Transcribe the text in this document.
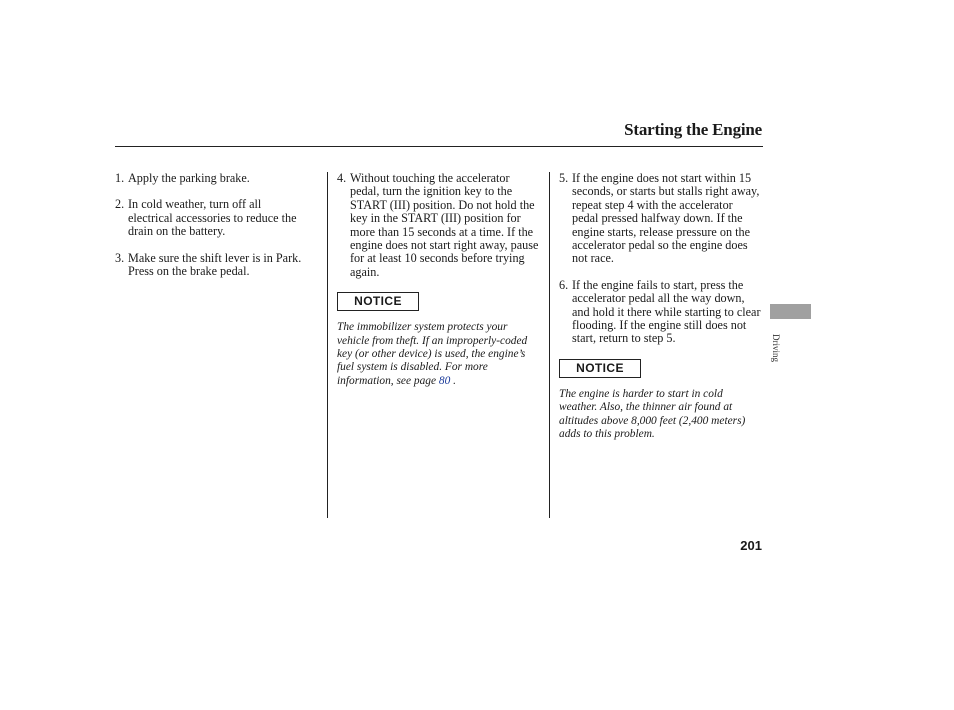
Starting the Engine
1. Apply the parking brake.
2. In cold weather, turn off all electrical accessories to reduce the drain on the battery.
3. Make sure the shift lever is in Park. Press on the brake pedal.
4. Without touching the accelerator pedal, turn the ignition key to the START (III) position. Do not hold the key in the START (III) position for more than 15 seconds at a time. If the engine does not start right away, pause for at least 10 seconds before trying again.
NOTICE
The immobilizer system protects your vehicle from theft. If an improperly-coded key (or other device) is used, the engine’s fuel system is disabled. For more information, see page 80 .
5. If the engine does not start within 15 seconds, or starts but stalls right away, repeat step 4 with the accelerator pedal pressed halfway down. If the engine starts, release pressure on the accelerator pedal so the engine does not race.
6. If the engine fails to start, press the accelerator pedal all the way down, and hold it there while starting to clear flooding. If the engine still does not start, return to step 5.
NOTICE
The engine is harder to start in cold weather. Also, the thinner air found at altitudes above 8,000 feet (2,400 meters) adds to this problem.
Driving
201
